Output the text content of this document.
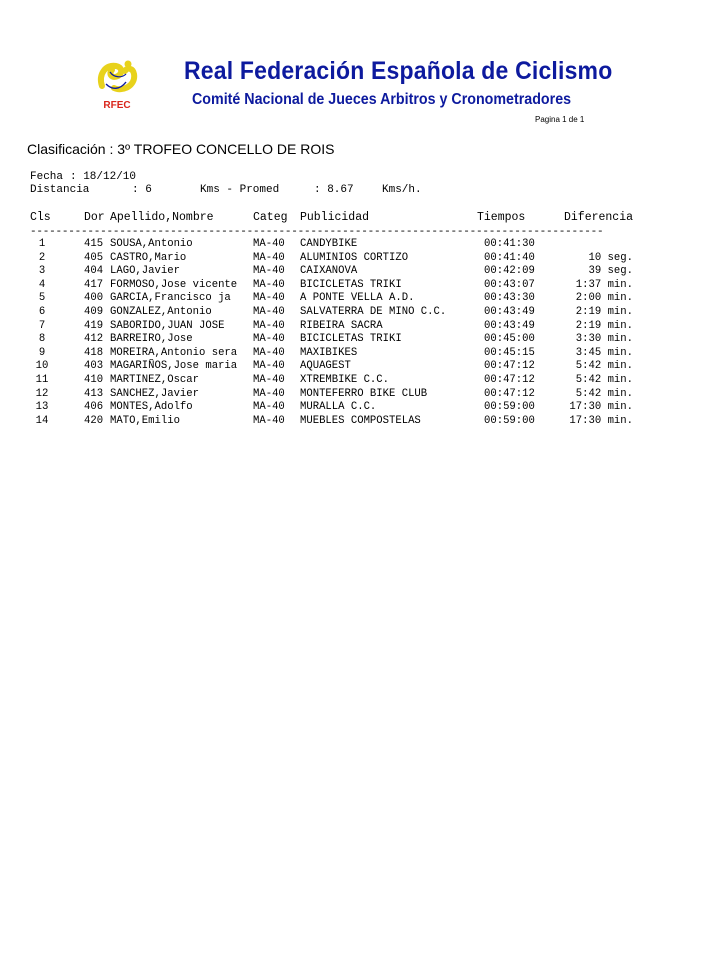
RFEC
Real Federación Española de Ciclismo
Comité Nacional de Jueces Arbitros y Cronometradores
Pagina 1 de 1
Clasificación : 3º TROFEO CONCELLO DE ROIS
Fecha : 18/12/10
Distancia	: 6	Kms - Promed	: 8.67	Kms/h.
Cls	Dor Apellido,Nombre	Categ Publicidad	Tiempos	Diferencia
------------------------------------------------------------------------------------------
1	415 SOUSA,Antonio	MA-40 CANDYBIKE	00:41:30
2	405 CASTRO,Mario	MA-40 ALUMINIOS CORTIZO	00:41:40	10 seg.
3	404 LAGO,Javier	MA-40 CAIXANOVA	00:42:09	39 seg.
4	417 FORMOSO,Jose vicente MA-40 BICICLETAS TRIKI	00:43:07	1:37 min.
5	400 GARCIA,Francisco ja MA-40 A PONTE VELLA A.D.	00:43:30	2:00 min.
6	409 GONZALEZ,Antonio	MA-40 SALVATERRA DE MINO C.C.	00:43:49	2:19 min.
7	419 SABORIDO,JUAN JOSE	MA-40 RIBEIRA SACRA	00:43:49	2:19 min.
8	412 BARREIRO,Jose	MA-40 BICICLETAS TRIKI	00:45:00	3:30 min.
9	418 MOREIRA,Antonio sera MA-40 MAXIBIKES	00:45:15	3:45 min.
10	403 MAGARIÑOS,Jose maria MA-40 AQUAGEST	00:47:12	5:42 min.
11	410 MARTINEZ,Oscar	MA-40 XTREMBIKE C.C.	00:47:12	5:42 min.
12	413 SANCHEZ,Javier	MA-40 MONTEFERRO BIKE CLUB	00:47:12	5:42 min.
13	406 MONTES,Adolfo	MA-40 MURALLA C.C.	00:59:00	17:30 min.
14	420 MATO,Emilio	MA-40 MUEBLES COMPOSTELAS	00:59:00	17:30 min.
